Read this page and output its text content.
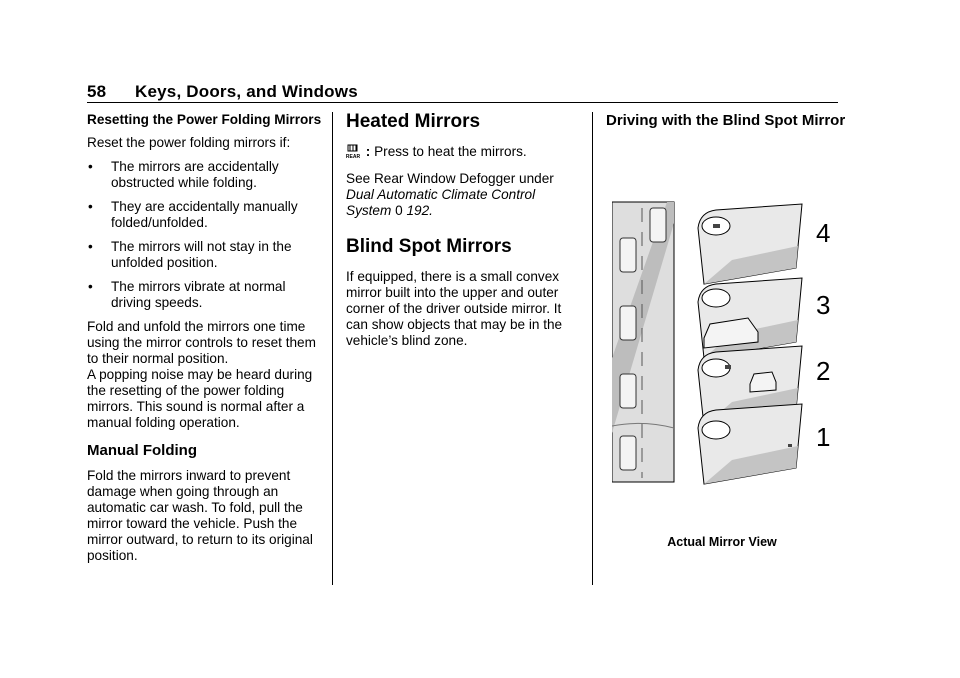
58 Keys, Doors, and Windows
Resetting the Power Folding Mirrors

Reset the power folding mirrors if:

• The mirrors are accidentally obstructed while folding.
• They are accidentally manually folded/unfolded.
• The mirrors will not stay in the unfolded position.
• The mirrors vibrate at normal driving speeds.

Fold and unfold the mirrors one time using the mirror controls to reset them to their normal position.

A popping noise may be heard during the resetting of the power folding mirrors. This sound is normal after a manual folding operation.

Manual Folding

Fold the mirrors inward to prevent damage when going through an automatic car wash. To fold, pull the mirror toward the vehicle. Push the mirror outward, to return to its original position.

Heated Mirrors

REAR : Press to heat the mirrors.

See Rear Window Defogger under
Dual Automatic Climate Control System 0 192.

Blind Spot Mirrors

If equipped, there is a small convex mirror built into the upper and outer corner of the driver outside mirror. It can show objects that may be in the vehicle’s blind zone.

Driving with the Blind Spot Mirror
4
3
2
1
Actual Mirror View
